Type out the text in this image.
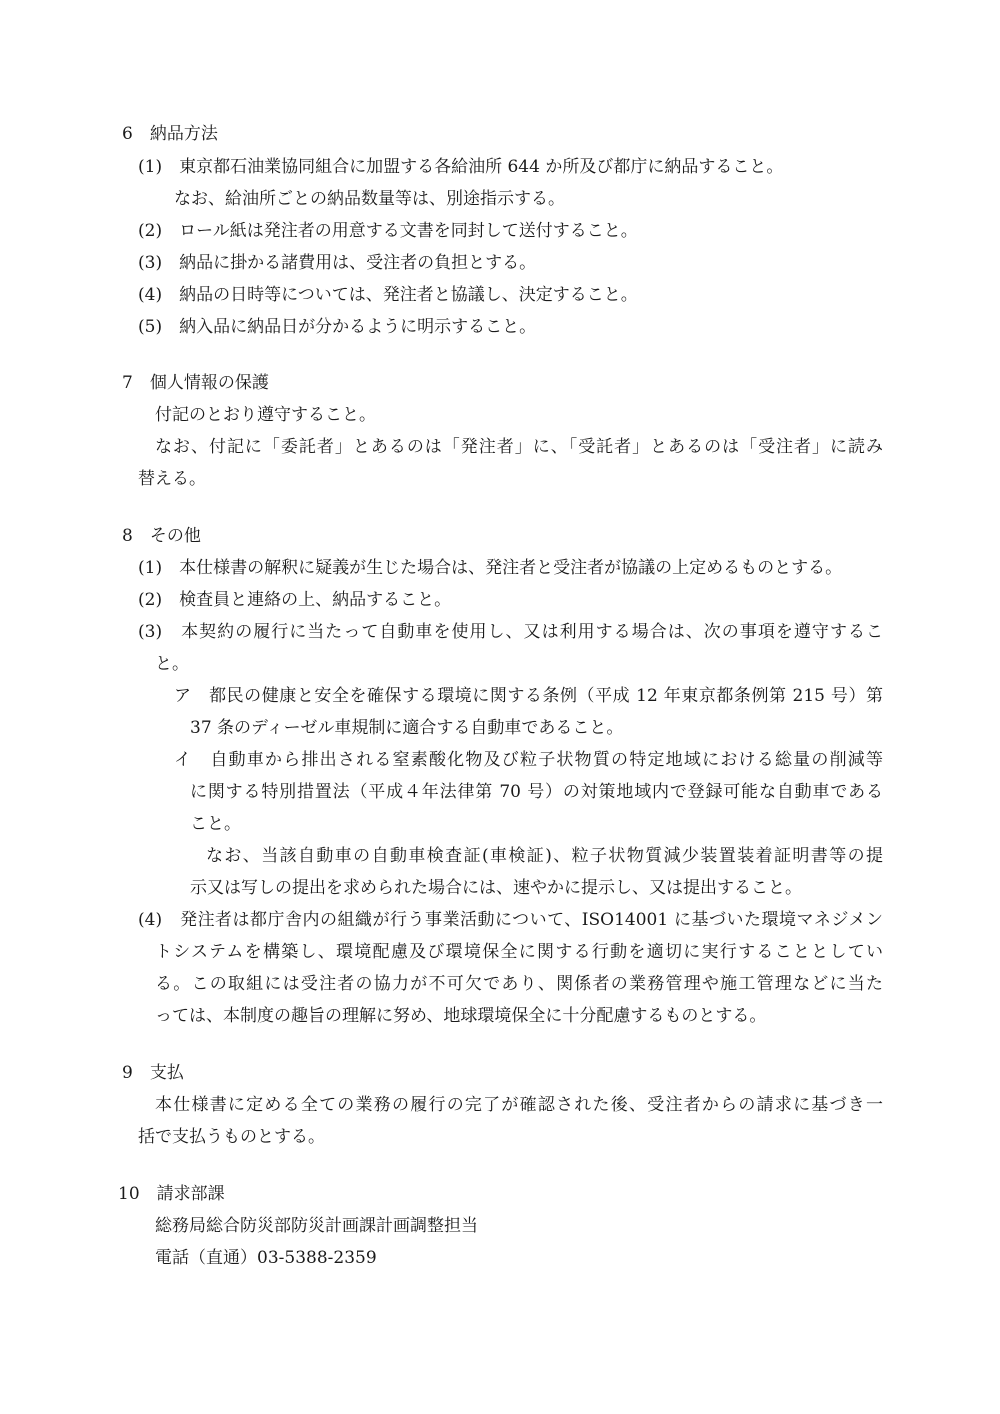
6　納品方法
(1)　東京都石油業協同組合に加盟する各給油所 644 か所及び都庁に納品すること。
なお、給油所ごとの納品数量等は、別途指示する。
(2)　ロール紙は発注者の用意する文書を同封して送付すること。
(3)　納品に掛かる諸費用は、受注者の負担とする。
(4)　納品の日時等については、発注者と協議し、決定すること。
(5)　納入品に納品日が分かるように明示すること。
7　個人情報の保護
付記のとおり遵守すること。
なお、付記に「委託者」とあるのは「発注者」に、「受託者」とあるのは「受注者」に読み
替える。
8　その他
(1)　本仕様書の解釈に疑義が生じた場合は、発注者と受注者が協議の上定めるものとする。
(2)　検査員と連絡の上、納品すること。
(3)　本契約の履行に当たって自動車を使用し、又は利用する場合は、次の事項を遵守するこ
と。
ア　都民の健康と安全を確保する環境に関する条例（平成 12 年東京都条例第 215 号）第
37 条のディーゼル車規制に適合する自動車であること。
イ　自動車から排出される窒素酸化物及び粒子状物質の特定地域における総量の削減等
に関する特別措置法（平成４年法律第 70 号）の対策地域内で登録可能な自動車である
こと。
なお、当該自動車の自動車検査証(車検証)、粒子状物質減少装置装着証明書等の提
示又は写しの提出を求められた場合には、速やかに提示し、又は提出すること。
(4)　発注者は都庁舎内の組織が行う事業活動について、ISO14001 に基づいた環境マネジメン
トシステムを構築し、環境配慮及び環境保全に関する行動を適切に実行することとしてい
る。この取組には受注者の協力が不可欠であり、関係者の業務管理や施工管理などに当た
っては、本制度の趣旨の理解に努め、地球環境保全に十分配慮するものとする。
9　支払
本仕様書に定める全ての業務の履行の完了が確認された後、受注者からの請求に基づき一
括で支払うものとする。
10　請求部課
総務局総合防災部防災計画課計画調整担当
電話（直通）03-5388-2359
